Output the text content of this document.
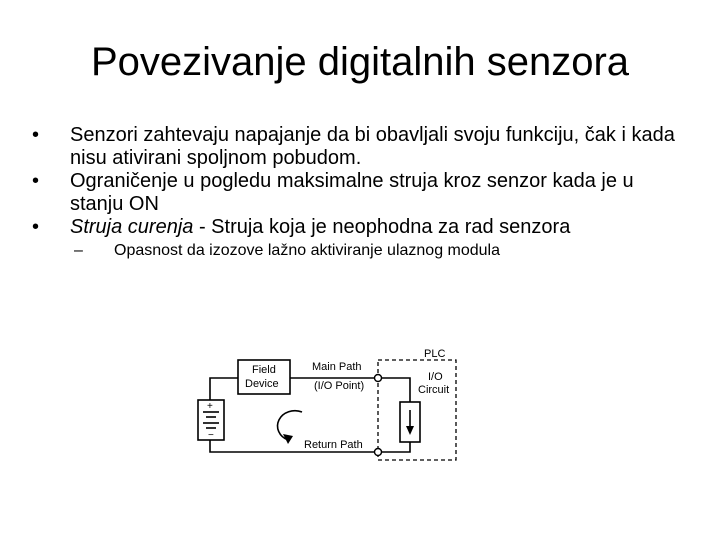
Povezivanje digitalnih senzora
• Senzori zahtevaju napajanje da bi obavljali svoju funkciju, čak i kada nisu ativirani spoljnom pobudom.
• Ograničenje u pogledu maksimalne struja kroz senzor kada je u stanju ON
• Struja curenja - Struja koja je neophodna za rad senzora
– Opasnost da izozove lažno aktiviranje ulaznog modula
PLC
I/O
Circuit
Field
Device
Main Path
(I/O Point)
+
−
Return Path
